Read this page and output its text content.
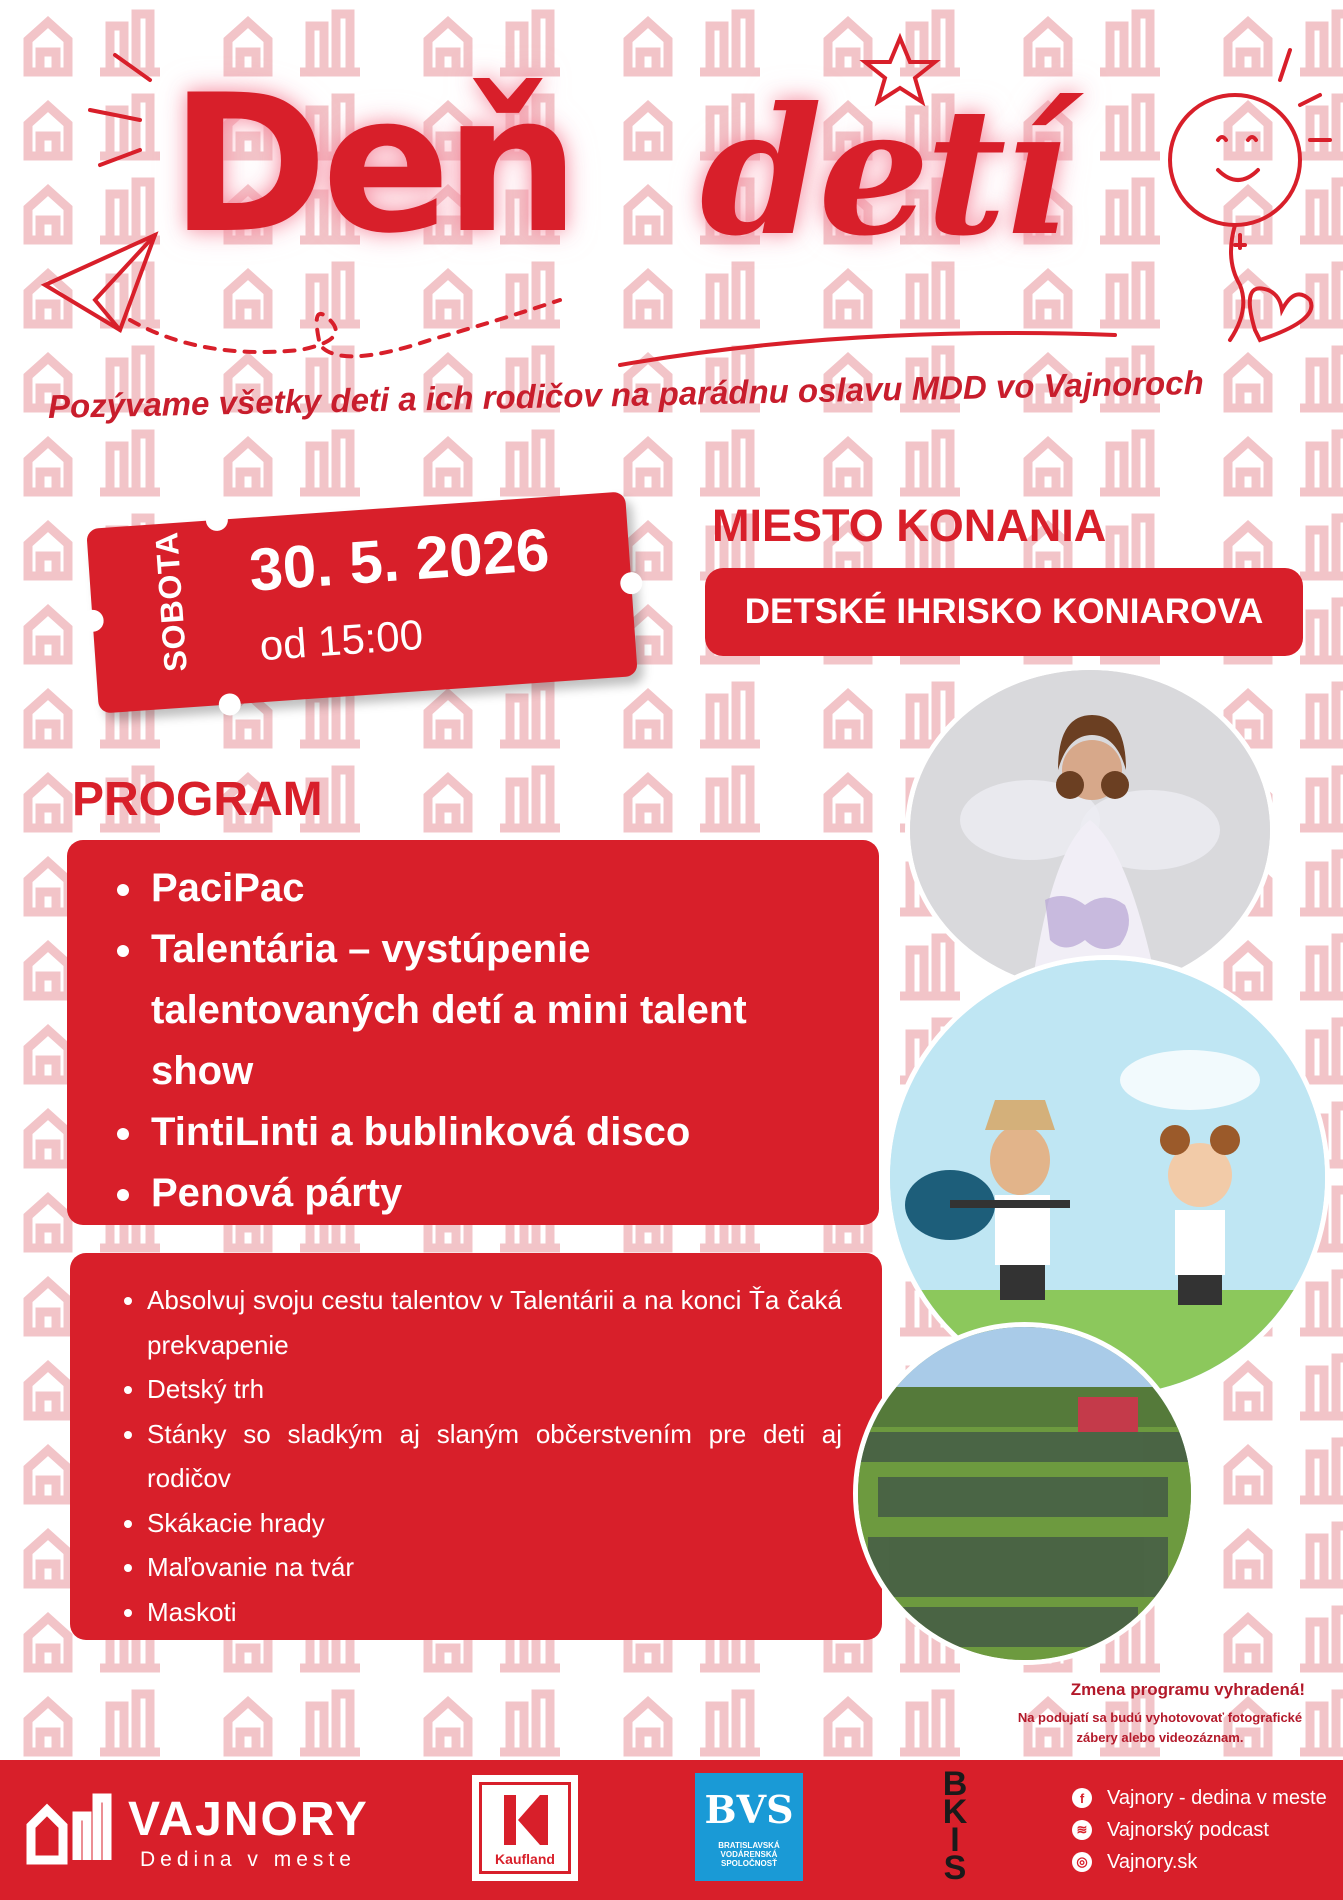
Deň detí
Pozývame všetky deti a ich rodičov na parádnu oslavu MDD vo Vajnoroch
SOBOTA 30. 5. 2026
od 15:00
MIESTO KONANIA
DETSKÉ IHRISKO KONIAROVA
PROGRAM
• PaciPac
• Talentária – vystúpenie talentovaných detí a mini talent show
• TintiLinti a bublinková disco
• Penová párty
• Absolvuj svoju cestu talentov v Talentárii a na konci Ťa čaká prekvapenie
• Detský trh
• Stánky so sladkým aj slaným občerstvením pre deti aj rodičov
• Skákacie hrady
• Maľovanie na tvár
• Maskoti
Zmena programu vyhradená!
Na podujatí sa budú vyhotovovať fotografické zábery alebo videozáznam.
VAJNORY
Dedina v meste	Kaufland
BVS
BRATISLAVSKÁ VODÁRENSKÁ SPOLOČNOSŤ
BKIS
f	Vajnory - dedina v meste
≋ Vajnorský podcast
◎ Vajnory.sk
